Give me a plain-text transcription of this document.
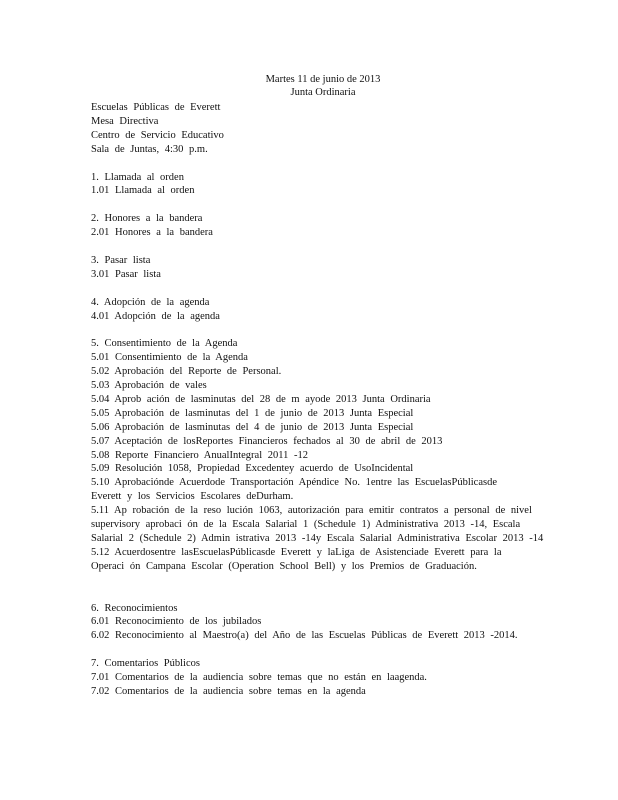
Martes 11 de junio de 2013
Junta Ordinaria
Escuelas Públicas de Everett
Mesa Directiva
Centro de Servicio Educativo
Sala de Juntas, 4:30 p.m.
1. Llamada al orden
1.01 Llamada al orden
2. Honores a la bandera
2.01 Honores a la bandera
3. Pasar lista
3.01 Pasar lista
4. Adopción de la agenda
4.01 Adopción de la agenda
5. Consentimiento de la Agenda
5.01 Consentimiento de la Agenda
5.02 Aprobación del Reporte de Personal.
5.03 Aprobación de vales
5.04 Aprob ación de lasminutas del 28 de m ayode 2013 Junta Ordinaria
5.05 Aprobación de lasminutas del 1 de junio de 2013 Junta Especial
5.06 Aprobación de lasminutas del 4 de junio de 2013 Junta Especial
5.07 Aceptación de losReportes Financieros fechados al 30 de abril de 2013
5.08 Reporte Financiero AnualIntegral 2011 -12
5.09 Resolución 1058, Propiedad Excedentey acuerdo de UsoIncidental
5.10 Aprobaciónde Acuerdode Transportación Apéndice No. 1entre las EscuelasPúblicasde
Everett y los Servicios Escolares deDurham.
5.11 Ap robación de la reso lución 1063, autorización para emitir contratos a personal de nivel
supervisory aprobaci ón de la Escala Salarial 1 (Schedule 1) Administrativa 2013 -14, Escala
Salarial 2 (Schedule 2) Admin istrativa 2013 -14y Escala Salarial Administrativa Escolar 2013 -14
5.12 Acuerdosentre lasEscuelasPúblicasde Everett y laLiga de Asistenciade Everett para la
Operaci ón Campana Escolar (Operation School Bell) y los Premios de Graduación.
6. Reconocimientos
6.01 Reconocimiento de los jubilados
6.02 Reconocimiento al Maestro(a) del Año de las Escuelas Públicas de Everett 2013 -2014.
7. Comentarios Públicos
7.01 Comentarios de la audiencia sobre temas que no están en laagenda.
7.02 Comentarios de la audiencia sobre temas en la agenda
